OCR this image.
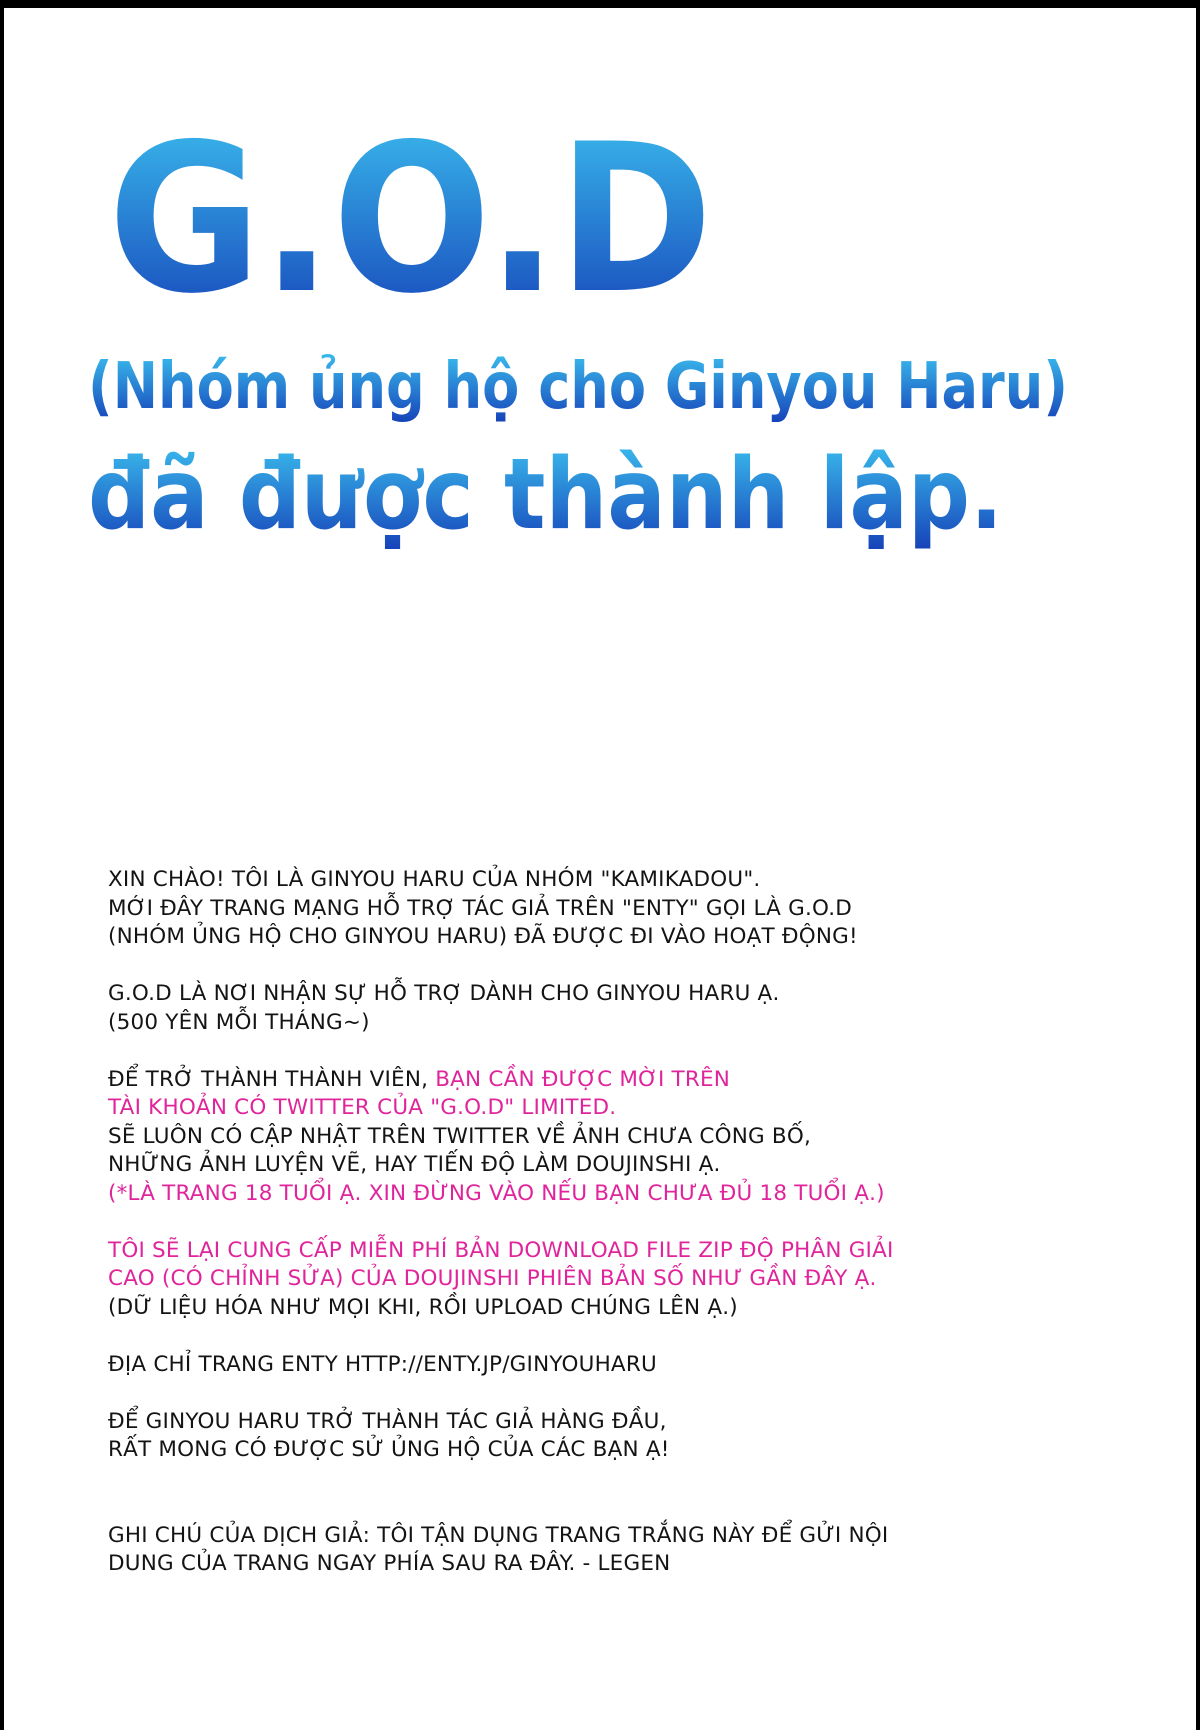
G.O.D
(Nhóm ủng hộ cho Ginyou Haru)
đã được thành lập.
XIN CHÀO! TÔI LÀ GINYOU HARU CỦA NHÓM "KAMIKADOU".
MỚI ĐÂY TRANG MẠNG HỖ TRỢ TÁC GIẢ TRÊN "ENTY" GỌI LÀ G.O.D
(NHÓM ỦNG HỘ CHO GINYOU HARU) ĐÃ ĐƯỢC ĐI VÀO HOẠT ĐỘNG!
G.O.D LÀ NƠI NHẬN SỰ HỖ TRỢ DÀNH CHO GINYOU HARU Ạ.
(500 YÊN MỖI THÁNG~)
ĐỂ TRỞ THÀNH THÀNH VIÊN, BẠN CẦN ĐƯỢC MỜI TRÊN
TÀI KHOẢN CÓ TWITTER CỦA "G.O.D" LIMITED.
SẼ LUÔN CÓ CẬP NHẬT TRÊN TWITTER VỀ ẢNH CHƯA CÔNG BỐ,
NHỮNG ẢNH LUYỆN VẼ, HAY TIẾN ĐỘ LÀM DOUJINSHI Ạ.
(*LÀ TRANG 18 TUỔI Ạ. XIN ĐỪNG VÀO NẾU BẠN CHƯA ĐỦ 18 TUỔI Ạ.)
TÔI SẼ LẠI CUNG CẤP MIỄN PHÍ BẢN DOWNLOAD FILE ZIP ĐỘ PHÂN GIẢI
CAO (CÓ CHỈNH SỬA) CỦA DOUJINSHI PHIÊN BẢN SỐ NHƯ GẦN ĐÂY Ạ.
(DỮ LIỆU HÓA NHƯ MỌI KHI, RỒI UPLOAD CHÚNG LÊN Ạ.)
ĐỊA CHỈ TRANG ENTY HTTP://ENTY.JP/GINYOUHARU
ĐỂ GINYOU HARU TRỞ THÀNH TÁC GIẢ HÀNG ĐẦU,
RẤT MONG CÓ ĐƯỢC SỬ ỦNG HỘ CỦA CÁC BẠN Ạ!
GHI CHÚ CỦA DỊCH GIẢ: TÔI TẬN DỤNG TRANG TRẮNG NÀY ĐỂ GỬI NỘI
DUNG CỦA TRANG NGAY PHÍA SAU RA ĐÂY. - LEGEN
